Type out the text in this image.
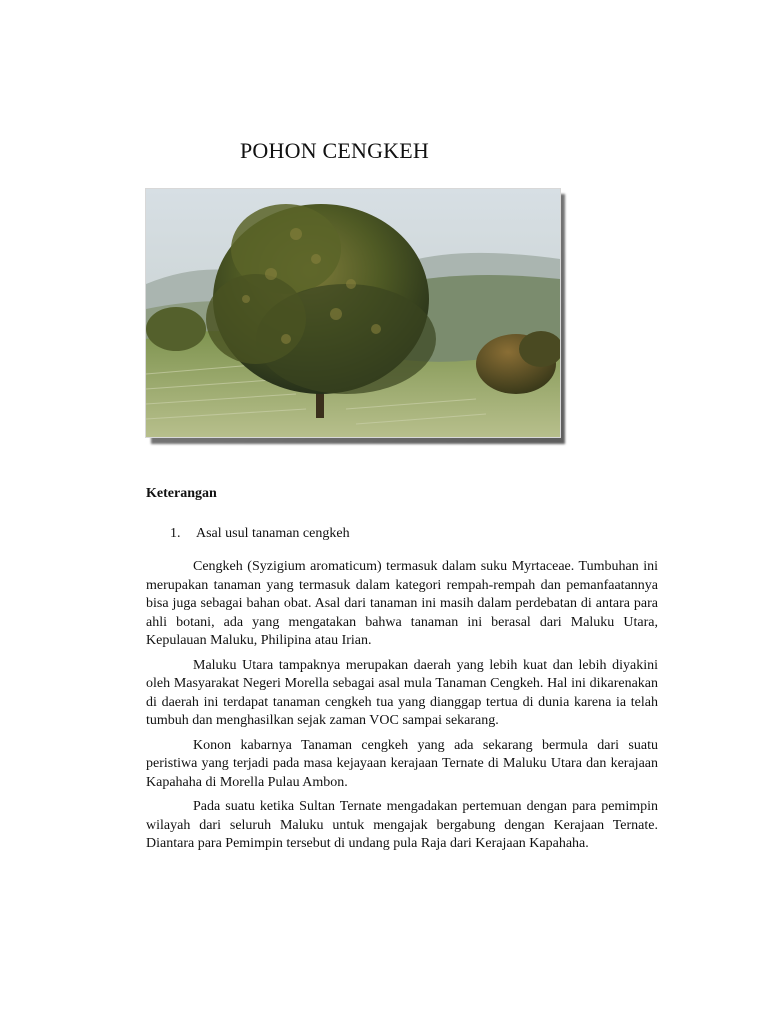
POHON CENGKEH
Keterangan

1. Asal usul tanaman cengkeh

Cengkeh (Syzigium aromaticum) termasuk dalam suku Myrtaceae. Tumbuhan ini merupakan tanaman yang termasuk dalam kategori rempah-rempah dan pemanfaatannya bisa juga sebagai bahan obat. Asal dari tanaman ini masih dalam perdebatan di antara para ahli botani, ada yang mengatakan bahwa tanaman ini berasal dari Maluku Utara, Kepulauan Maluku, Philipina atau Irian.

Maluku Utara tampaknya merupakan daerah yang lebih kuat dan lebih diyakini oleh Masyarakat Negeri Morella sebagai asal mula Tanaman Cengkeh. Hal ini dikarenakan di daerah ini terdapat tanaman cengkeh tua yang dianggap tertua di dunia karena ia telah tumbuh dan menghasilkan sejak zaman VOC sampai sekarang.

Konon kabarnya Tanaman cengkeh yang ada sekarang bermula dari suatu peristiwa yang terjadi pada masa kejayaan kerajaan Ternate di Maluku Utara dan kerajaan Kapahaha di Morella Pulau Ambon.

Pada suatu ketika Sultan Ternate mengadakan pertemuan dengan para pemimpin wilayah dari seluruh Maluku untuk mengajak bergabung dengan Kerajaan Ternate. Diantara para Pemimpin tersebut di undang pula Raja dari Kerajaan Kapahaha.
